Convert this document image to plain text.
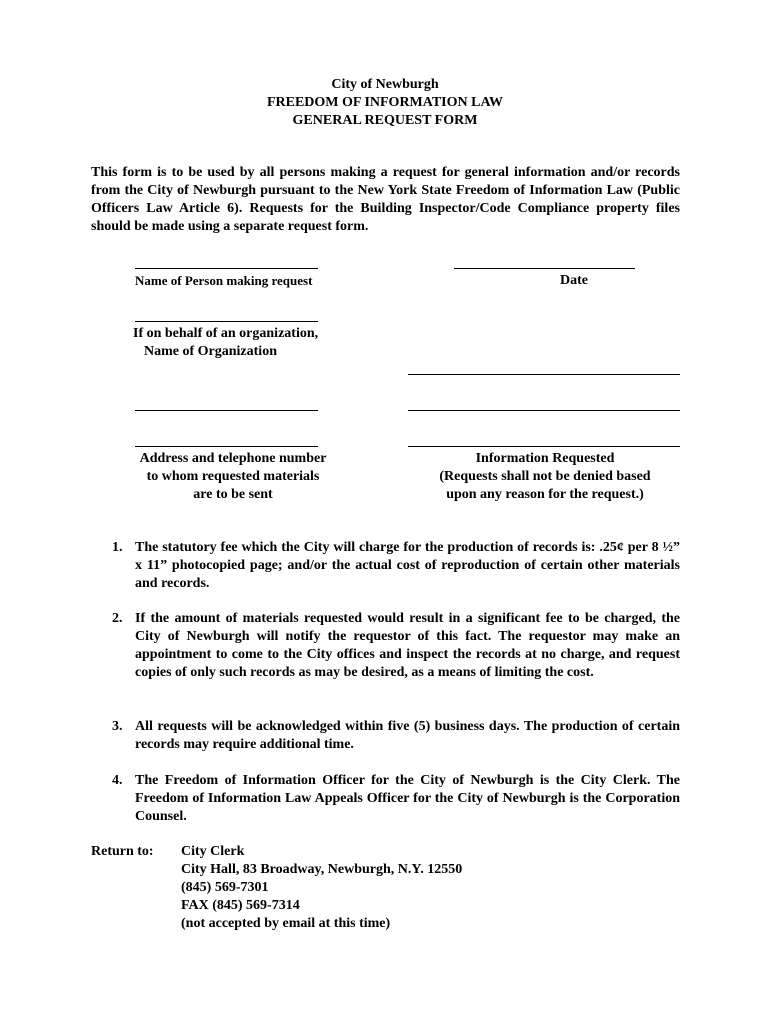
City of Newburgh
FREEDOM OF INFORMATION LAW
GENERAL REQUEST FORM
This form is to be used by all persons making a request for general information and/or records from the City of Newburgh pursuant to the New York State Freedom of Information Law (Public Officers Law Article 6). Requests for the Building Inspector/Code Compliance property files should be made using a separate request form.
Name of Person making request	Date
If on behalf of an organization,
Name of Organization
Address and telephone number
to whom requested materials
are to be sent
Information Requested
(Requests shall not be denied based
upon any reason for the request.)
1. The statutory fee which the City will charge for the production of records is: .25¢ per 8 ½” x 11” photocopied page; and/or the actual cost of reproduction of certain other materials and records.
2. If the amount of materials requested would result in a significant fee to be charged, the City of Newburgh will notify the requestor of this fact. The requestor may make an appointment to come to the City offices and inspect the records at no charge, and request copies of only such records as may be desired, as a means of limiting the cost.
3. All requests will be acknowledged within five (5) business days. The production of certain records may require additional time.
4. The Freedom of Information Officer for the City of Newburgh is the City Clerk. The Freedom of Information Law Appeals Officer for the City of Newburgh is the Corporation Counsel.
Return to: City Clerk
City Hall, 83 Broadway, Newburgh, N.Y. 12550
(845) 569-7301
FAX (845) 569-7314
(not accepted by email at this time)
